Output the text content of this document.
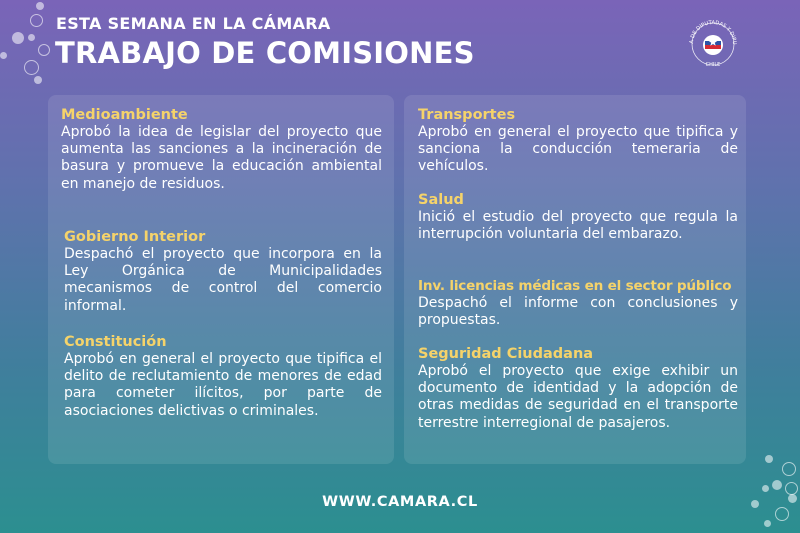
ESTA SEMANA EN LA CÁMARA
TRABAJO DE COMISIONES	A DE DIPUTADAS Y DIPU
CHILE
Medioambiente

Aprobó la idea de legislar del proyecto que aumenta las sanciones a la incineración de basura y promueve la educación ambiental en manejo de residuos.

Gobierno Interior

Despachó el proyecto que incorpora en la Ley Orgánica de Municipalidades mecanismos de control del comercio informal.

Constitución

Aprobó en general el proyecto que tipifica el delito de reclutamiento de menores de edad para cometer ilícitos, por parte de asociaciones delictivas o criminales.

Transportes

Aprobó en general el proyecto que tipifica y sanciona la conducción temeraria de vehículos.

Salud

Inició el estudio del proyecto que regula la interrupción voluntaria del embarazo.

Inv. licencias médicas en el sector público

Despachó el informe con conclusiones y propuestas.

Seguridad Ciudadana

Aprobó el proyecto que exige exhibir un documento de identidad y la adopción de otras medidas de seguridad en el transporte terrestre interregional de pasajeros.

WWW.CAMARA.CL
